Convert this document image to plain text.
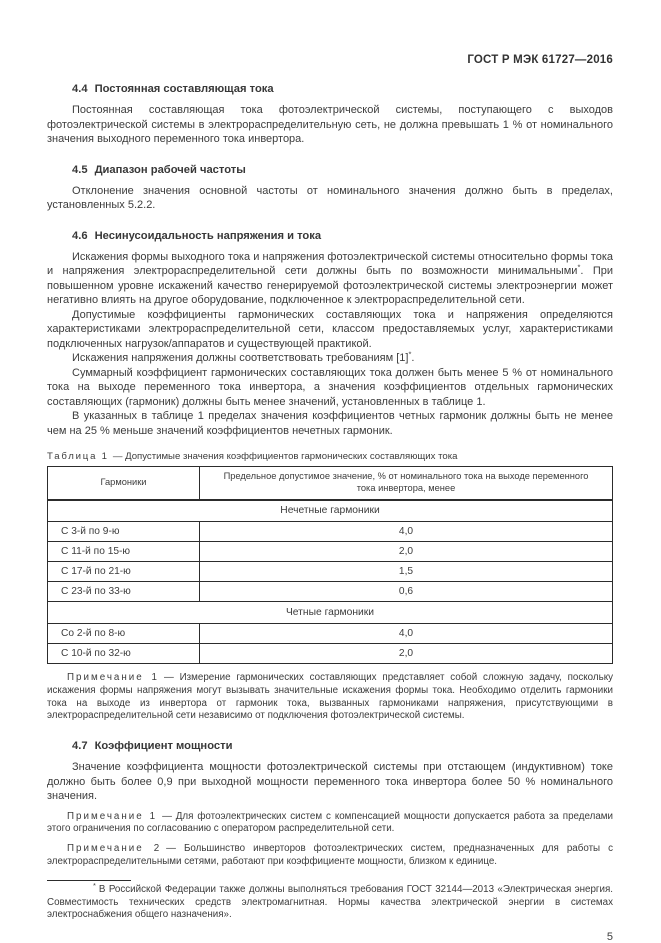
ГОСТ Р МЭК 61727—2016
4.4 Постоянная составляющая тока

Постоянная составляющая тока фотоэлектрической системы, поступающего с выходов фотоэлектрической системы в электрораспределительную сеть, не должна превышать 1 % от номинального значения выходного переменного тока инвертора.

4.5 Диапазон рабочей частоты

Отклонение значения основной частоты от номинального значения должно быть в пределах, установленных 5.2.2.

4.6 Несинусоидальность напряжения и тока

Искажения формы выходного тока и напряжения фотоэлектрической системы относительно формы тока и напряжения электрораспределительной сети должны быть по возможности минимальными*. При повышенном уровне искажений качество генерируемой фотоэлектрической системы электроэнергии может негативно влиять на другое оборудование, подключенное к электрораспределительной сети.

Допустимые коэффициенты гармонических составляющих тока и напряжения определяются характеристиками электрораспределительной сети, классом предоставляемых услуг, характеристиками подключенных нагрузок/аппаратов и существующей практикой.

Искажения напряжения должны соответствовать требованиям [1]*.

Суммарный коэффициент гармонических составляющих тока должен быть менее 5 % от номинального тока на выходе переменного тока инвертора, а значения коэффициентов отдельных гармонических составляющих (гармоник) должны быть менее значений, установленных в таблице 1.

В указанных в таблице 1 пределах значения коэффициентов четных гармоник должны быть не менее чем на 25 % меньше значений коэффициентов нечетных гармоник.

Таблица 1 — Допустимые значения коэффициентов гармонических составляющих тока
Гармоники	Предельное допустимое значение, % от номинального тока на выходе переменного тока инвертора, менее
Нечетные гармоники	
С 3-й по 9-ю	4,0
С 11-й по 15-ю	2,0
С 17-й по 21-ю	1,5
С 23-й по 33-ю	0,6
Четные гармоники	
Со 2-й по 8-ю	4,0
С 10-й по 32-ю	2,0

Примечание 1 — Измерение гармонических составляющих представляет собой сложную задачу, поскольку искажения формы напряжения могут вызывать значительные искажения формы тока. Необходимо отделить гармоники тока на выходе из инвертора от гармоник тока, вызванных гармониками напряжения, присутствующими в электрораспределительной сети независимо от подключения фотоэлектрической системы.

4.7 Коэффициент мощности

Значение коэффициента мощности фотоэлектрической системы при отстающем (индуктивном) токе должно быть более 0,9 при выходной мощности переменного тока инвертора более 50 % номинального значения.

Примечание 1 — Для фотоэлектрических систем с компенсацией мощности допускается работа за пределами этого ограничения по согласованию с оператором распределительной сети.

Примечание 2 — Большинство инверторов фотоэлектрических систем, предназначенных для работы с электрораспределительными сетями, работают при коэффициенте мощности, близком к единице.

* В Российской Федерации также должны выполняться требования ГОСТ 32144—2013 «Электрическая энергия. Совместимость технических средств электромагнитная. Нормы качества электрической энергии в системах электроснабжения общего назначения».

5
